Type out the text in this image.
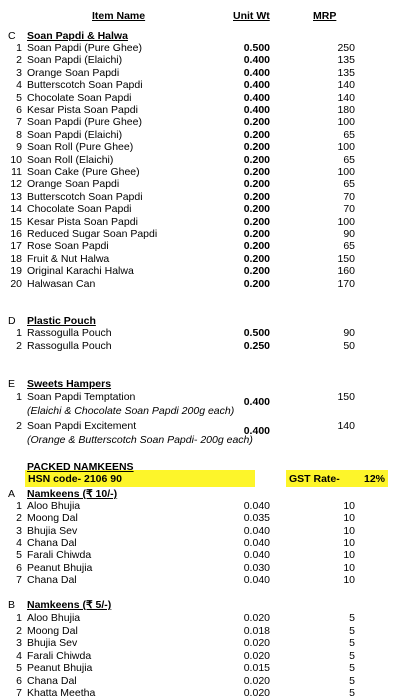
Item Name	Unit Wt	MRP
HSN code- 2106 90	GST Rate- 12%
C Soan Papdi & Halwa
1 Soan Papdi (Pure Ghee)	0.500	250
2 Soan Papdi (Elaichi)	0.400	135
3 Orange Soan Papdi	0.400	135
4 Butterscotch Soan Papdi	0.400	140
5 Chocolate Soan Papdi	0.400	140
6 Kesar Pista Soan Papdi	0.400	180
7 Soan Papdi (Pure Ghee)	0.200	100
8 Soan Papdi (Elaichi)	0.200	65
9 Soan Roll (Pure Ghee)	0.200	100
10 Soan Roll (Elaichi)	0.200	65
11 Soan Cake (Pure Ghee)	0.200	100
12 Orange Soan Papdi	0.200	65
13 Butterscotch Soan Papdi	0.200	70
14 Chocolate Soan Papdi	0.200	70
15 Kesar Pista Soan Papdi	0.200	100
16 Reduced Sugar Soan Papdi	0.200	90
17 Rose Soan Papdi	0.200	65
18 Fruit & Nut Halwa	0.200	150
19 Original Karachi Halwa	0.200	160
20 Halwasan Can	0.200	170
D Plastic Pouch
1 Rassogulla Pouch	0.500	90
2 Rassogulla Pouch	0.250	50
E Sweets Hampers
1 Soan Papdi Temptation	0.400	150
(Elaichi & Chocolate Soan Papdi 200g each)
2 Soan Papdi Excitement	0.400	140
(Orange & Butterscotch Soan Papdi- 200g each)
PACKED NAMKEENS
A Namkeens (₹ 10/-)
1 Aloo Bhujia	0.040	10
2 Moong Dal	0.035	10
3 Bhujia Sev	0.040	10
4 Chana Dal	0.040	10
5 Farali Chiwda	0.040	10
6 Peanut Bhujia	0.030	10
7 Chana Dal	0.040	10
B Namkeens (₹ 5/-)
1 Aloo Bhujia	0.020	5
2 Moong Dal	0.018	5
3 Bhujia Sev	0.020	5
4 Farali Chiwda	0.020	5
5 Peanut Bhujia	0.015	5
6 Chana Dal	0.020	5
7 Khatta Meetha	0.020	5
